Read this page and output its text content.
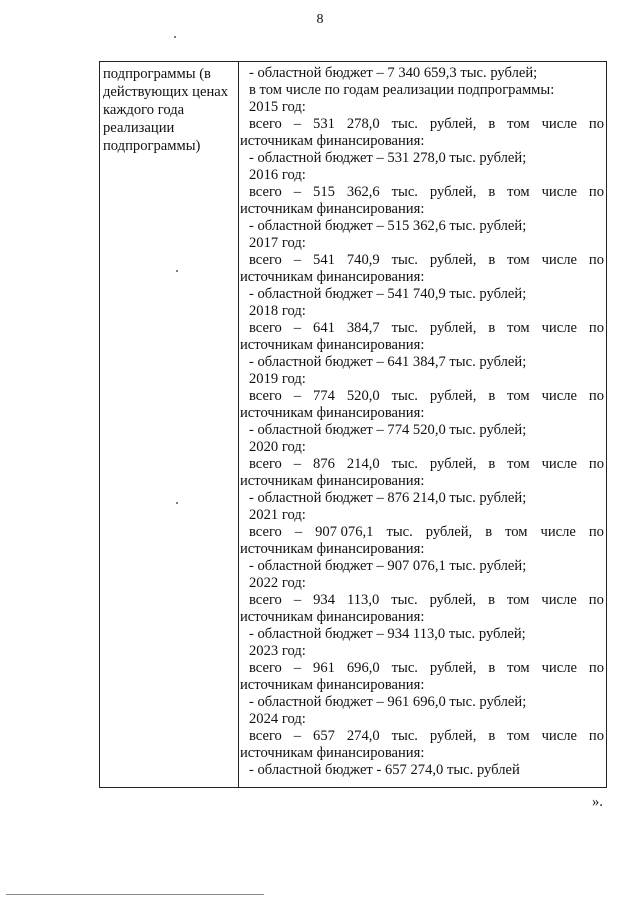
8
подпрограммы (в
действующих ценах
каждого года
реализации
подпрограммы)
- областной бюджет – 7 340 659,3 тыс. рублей;
в том числе по годам реализации подпрограммы:
2015 год:
всего – 531 278,0 тыс. рублей, в том числе по
источникам финансирования:
- областной бюджет – 531 278,0 тыс. рублей;
2016 год:
всего – 515 362,6 тыс. рублей, в том числе по
источникам финансирования:
- областной бюджет – 515 362,6 тыс. рублей;
2017 год:
всего – 541 740,9 тыс. рублей, в том числе по
источникам финансирования:
- областной бюджет – 541 740,9 тыс. рублей;
2018 год:
всего – 641 384,7 тыс. рублей, в том числе по
источникам финансирования:
- областной бюджет – 641 384,7 тыс. рублей;
2019 год:
всего – 774 520,0 тыс. рублей, в том числе по
источникам финансирования:
- областной бюджет – 774 520,0 тыс. рублей;
2020 год:
всего – 876 214,0 тыс. рублей, в том числе по
источникам финансирования:
- областной бюджет – 876 214,0 тыс. рублей;
2021 год:
всего – 907 076,1 тыс. рублей, в том числе по
источникам финансирования:
- областной бюджет – 907 076,1 тыс. рублей;
2022 год:
всего – 934 113,0 тыс. рублей, в том числе по
источникам финансирования:
- областной бюджет – 934 113,0 тыс. рублей;
2023 год:
всего – 961 696,0 тыс. рублей, в том числе по
источникам финансирования:
- областной бюджет – 961 696,0 тыс. рублей;
2024 год:
всего – 657 274,0 тыс. рублей, в том числе по
источникам финансирования:
- областной бюджет - 657 274,0 тыс. рублей
».
